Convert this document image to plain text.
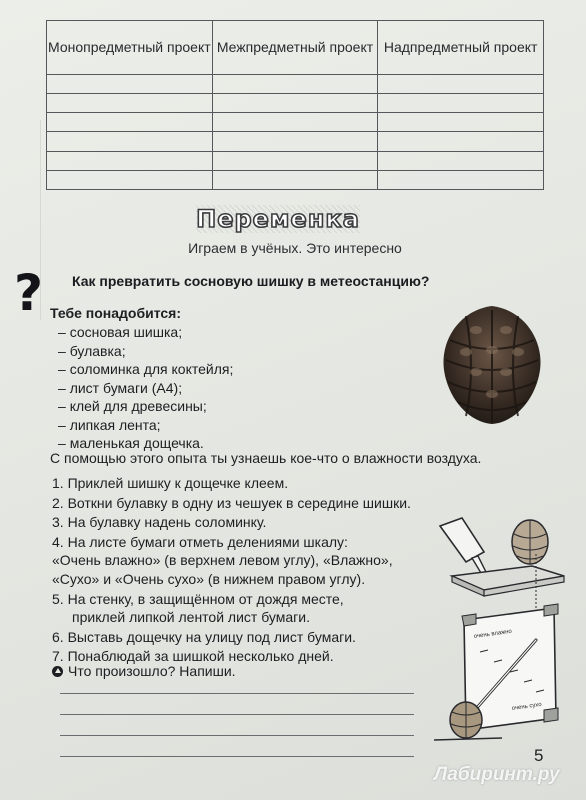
Монопредметный проект	Межпредметный проект	Надпредметный проект

Переменка
Играем в учёных. Это интересно
? Как превратить сосновую шишку в метеостанцию?
Тебе понадобится:
– сосновая шишка;
– булавка;
– соломинка для коктейля;
– лист бумаги (А4);
– клей для древесины;
– липкая лента;
– маленькая дощечка.
С помощью этого опыта ты узнаешь кое-что о влажности воздуха.
1. Приклей шишку к дощечке клеем.
2. Воткни булавку в одну из чешуек в середине шишки.
3. На булавку надень соломинку.
4. На листе бумаги отметь делениями шкалу:
«Очень влажно» (в верхнем левом углу), «Влажно»,
«Сухо» и «Очень сухо» (в нижнем правом углу).
5. На стенку, в защищённом от дождя месте,
приклей липкой лентой лист бумаги.
6. Выставь дощечку на улицу под лист бумаги.
7. Понаблюдай за шишкой несколько дней.
очень влажно
очень сухо
Что произошло? Напиши.
5
Лабиринт.ру
